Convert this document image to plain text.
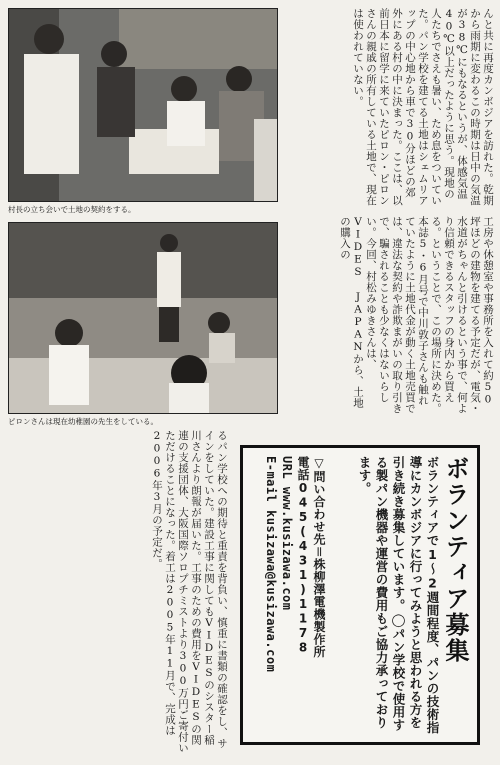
村長の立ち会いで土地の契約をする。
ピロンさんは現在幼稚園の先生をしている。
んと共に再度カンボジアを訪れた。乾期から雨期に変わるこの時期は日中の気温が38℃にもなるというが、体感気温40℃以上だったように思う。現地の人たちでさえも暑い、ため息をついていた。パン学校を建てる土地はシェムリアップの中心地から車で30分ほどの郊外にある村の中に決まった。ここは、以前日本に留学に来ていたピロン・ピロンさんの親戚の所有している土地で、現在は使われていない。
工房や休憩室や事務所を入れて約50坪ほどの建物を建てる予定だが、電気・水道がちゃんと引けるという事で、何より信頼できるスタッフの身内から買える。ということで、この場所に決めた。本誌5・6月号で中川敦子さんも触れていたように土地代金が動く土地売買では、違法な契約や詐欺まがいの取り引きで、騙されることも少なくはないらしい。今回、村松みゆきさんは、VIDES JAPANから、土地の購入の
るパン学校への期待と重責を背負い、慎重に書類の確認をし、サインをしていた。建設工事に関してもVIDESのシスター稲川さんより朗報が届いた。工事のための費用をVIDESの関連の支援団体、大阪国際ソロプチミストより300万円ご寄付いただけることになった。着工は2005年11月で、完成は2006年3月の予定だ。	ボランティア募集
ボランティアで1～2週間程度、パンの技術指導にカンボジアに行ってみようと思われる方を引き続き募集しています。◯パン学校で使用する製パン機器や運営の費用もご協力承っております。
▽問い合わせ先＝株柳澤電機製作所
電話045(431)1178
URL www.kusizawa.com
E-mail kusizawa@kusizawa.com
